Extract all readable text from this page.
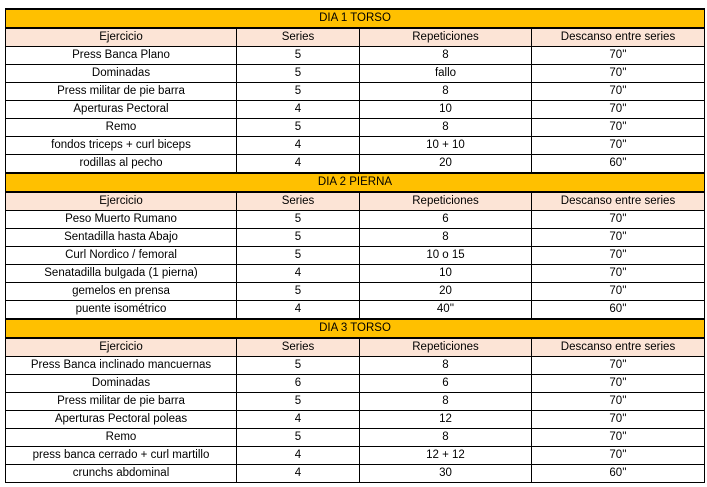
DIA 1 TORSO			
Ejercicio	Series	Repeticiones	Descanso entre series
Press Banca Plano	5	8	70''
Dominadas	5	fallo	70''
Press militar de pie barra	5	8	70''
Aperturas Pectoral	4	10	70''
Remo	5	8	70''
fondos triceps + curl biceps	4	10 + 10	70''
rodillas al pecho	4	20	60''
DIA 2 PIERNA			
Ejercicio	Series	Repeticiones	Descanso entre series
Peso Muerto Rumano	5	6	70''
Sentadilla hasta Abajo	5	8	70''
Curl Nordico / femoral	5	10 o 15	70''
Senatadilla bulgada (1 pierna)	4	10	70''
gemelos en prensa	5	20	70''
puente isométrico	4	40''	60''
DIA 3 TORSO			
Ejercicio	Series	Repeticiones	Descanso entre series
Press Banca inclinado mancuernas	5	8	70''
Dominadas	6	6	70''
Press militar de pie barra	5	8	70''
Aperturas Pectoral poleas	4	12	70''
Remo	5	8	70''
press banca cerrado + curl martillo	4	12 + 12	70''
crunchs abdominal	4	30	60''
